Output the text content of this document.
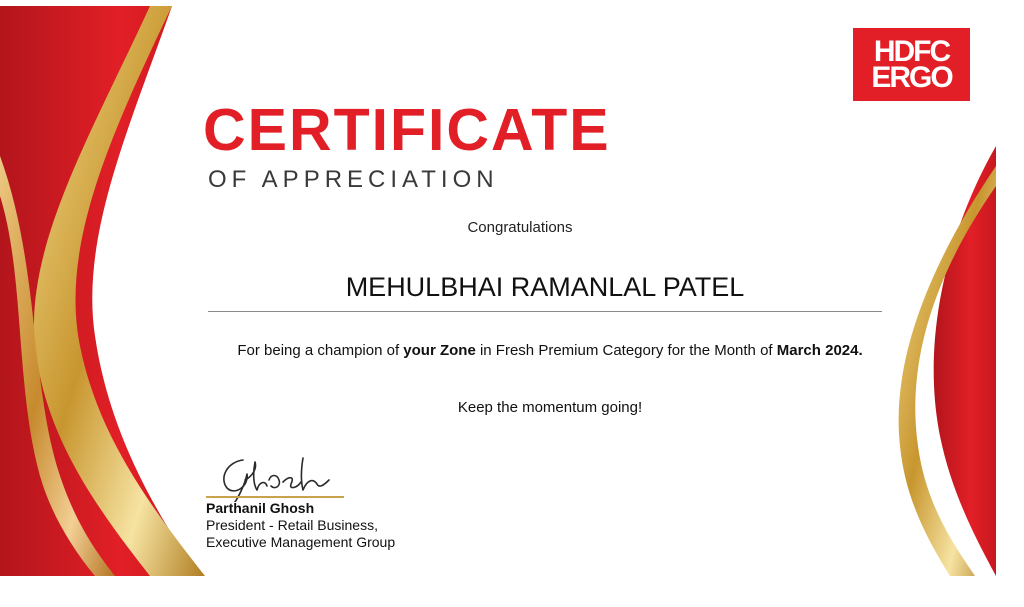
HDFC
ERGO
CERTIFICATE
OF APPRECIATION
Congratulations
MEHULBHAI RAMANLAL PATEL
For being a champion of your Zone in Fresh Premium Category for the Month of March 2024.
Keep the momentum going!
Parthanil Ghosh
President - Retail Business,
Executive Management Group
